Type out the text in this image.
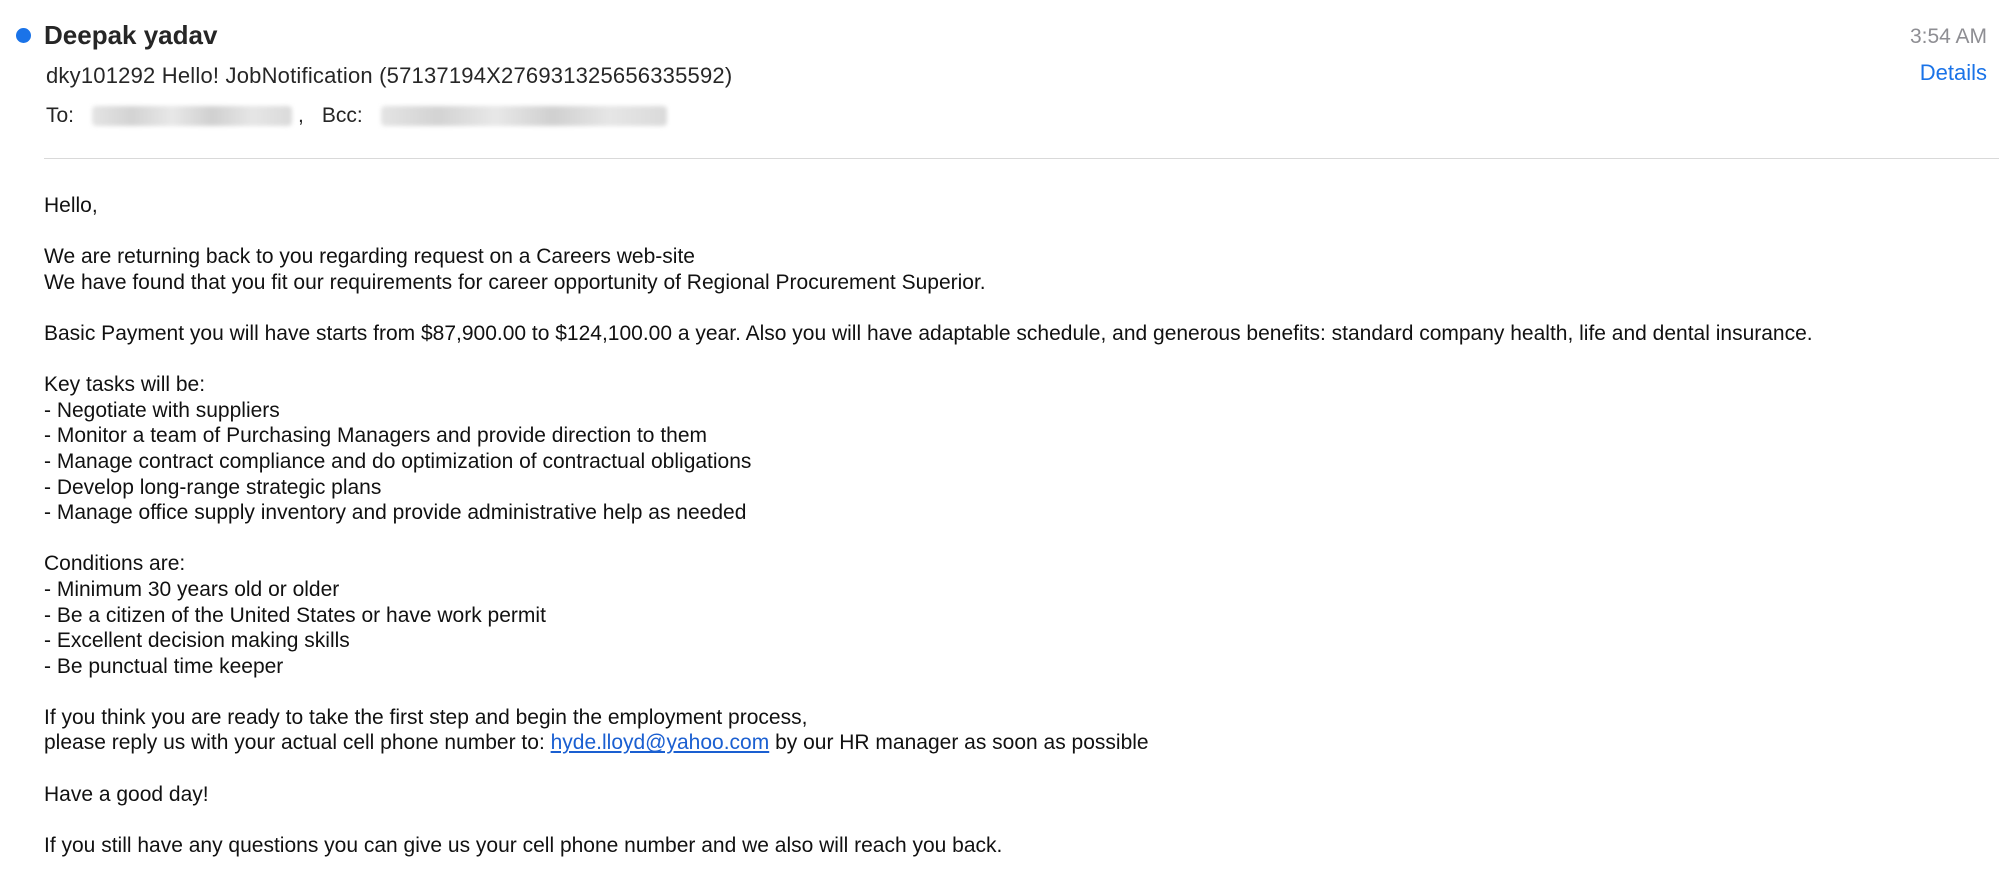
Deepak yadav	3:54 AM
Details
dky101292 Hello! JobNotification (57137194X276931325656335592)
To:	, Bcc:
Hello,
We are returning back to you regarding request on a Careers web-site
We have found that you fit our requirements for career opportunity of Regional Procurement Superior.
Basic Payment you will have starts from $87,900.00 to $124,100.00 a year. Also you will have adaptable schedule, and generous benefits: standard company health, life and dental insurance.
Key tasks will be:
- Negotiate with suppliers
- Monitor a team of Purchasing Managers and provide direction to them
- Manage contract compliance and do optimization of contractual obligations
- Develop long-range strategic plans
- Manage office supply inventory and provide administrative help as needed
Conditions are:
- Minimum 30 years old or older
- Be a citizen of the United States or have work permit
- Excellent decision making skills
- Be punctual time keeper
If you think you are ready to take the first step and begin the employment process,
please reply us with your actual cell phone number to: hyde.lloyd@yahoo.com by our HR manager as soon as possible
Have a good day!
If you still have any questions you can give us your cell phone number and we also will reach you back.
